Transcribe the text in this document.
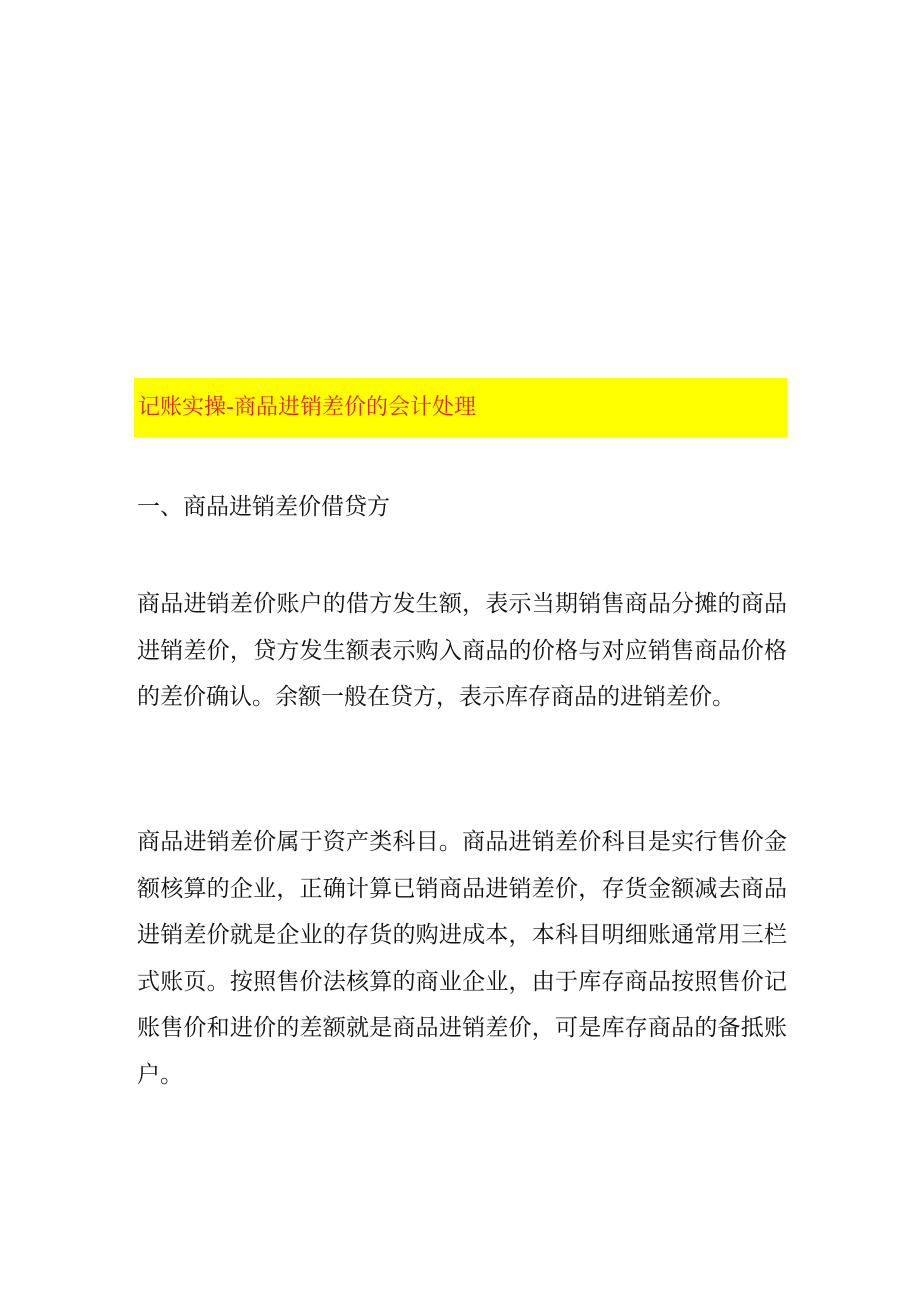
记账实操-商品进销差价的会计处理
一、商品进销差价借贷方

商品进销差价账户的借方发生额，表示当期销售商品分摊的商品进销差价，贷方发生额表示购入商品的价格与对应销售商品价格的差价确认。余额一般在贷方，表示库存商品的进销差价。

商品进销差价属于资产类科目。商品进销差价科目是实行售价金额核算的企业，正确计算已销商品进销差价，存货金额减去商品进销差价就是企业的存货的购进成本，本科目明细账通常用三栏式账页。按照售价法核算的商业企业，由于库存商品按照售价记账售价和进价的差额就是商品进销差价，可是库存商品的备抵账户。
